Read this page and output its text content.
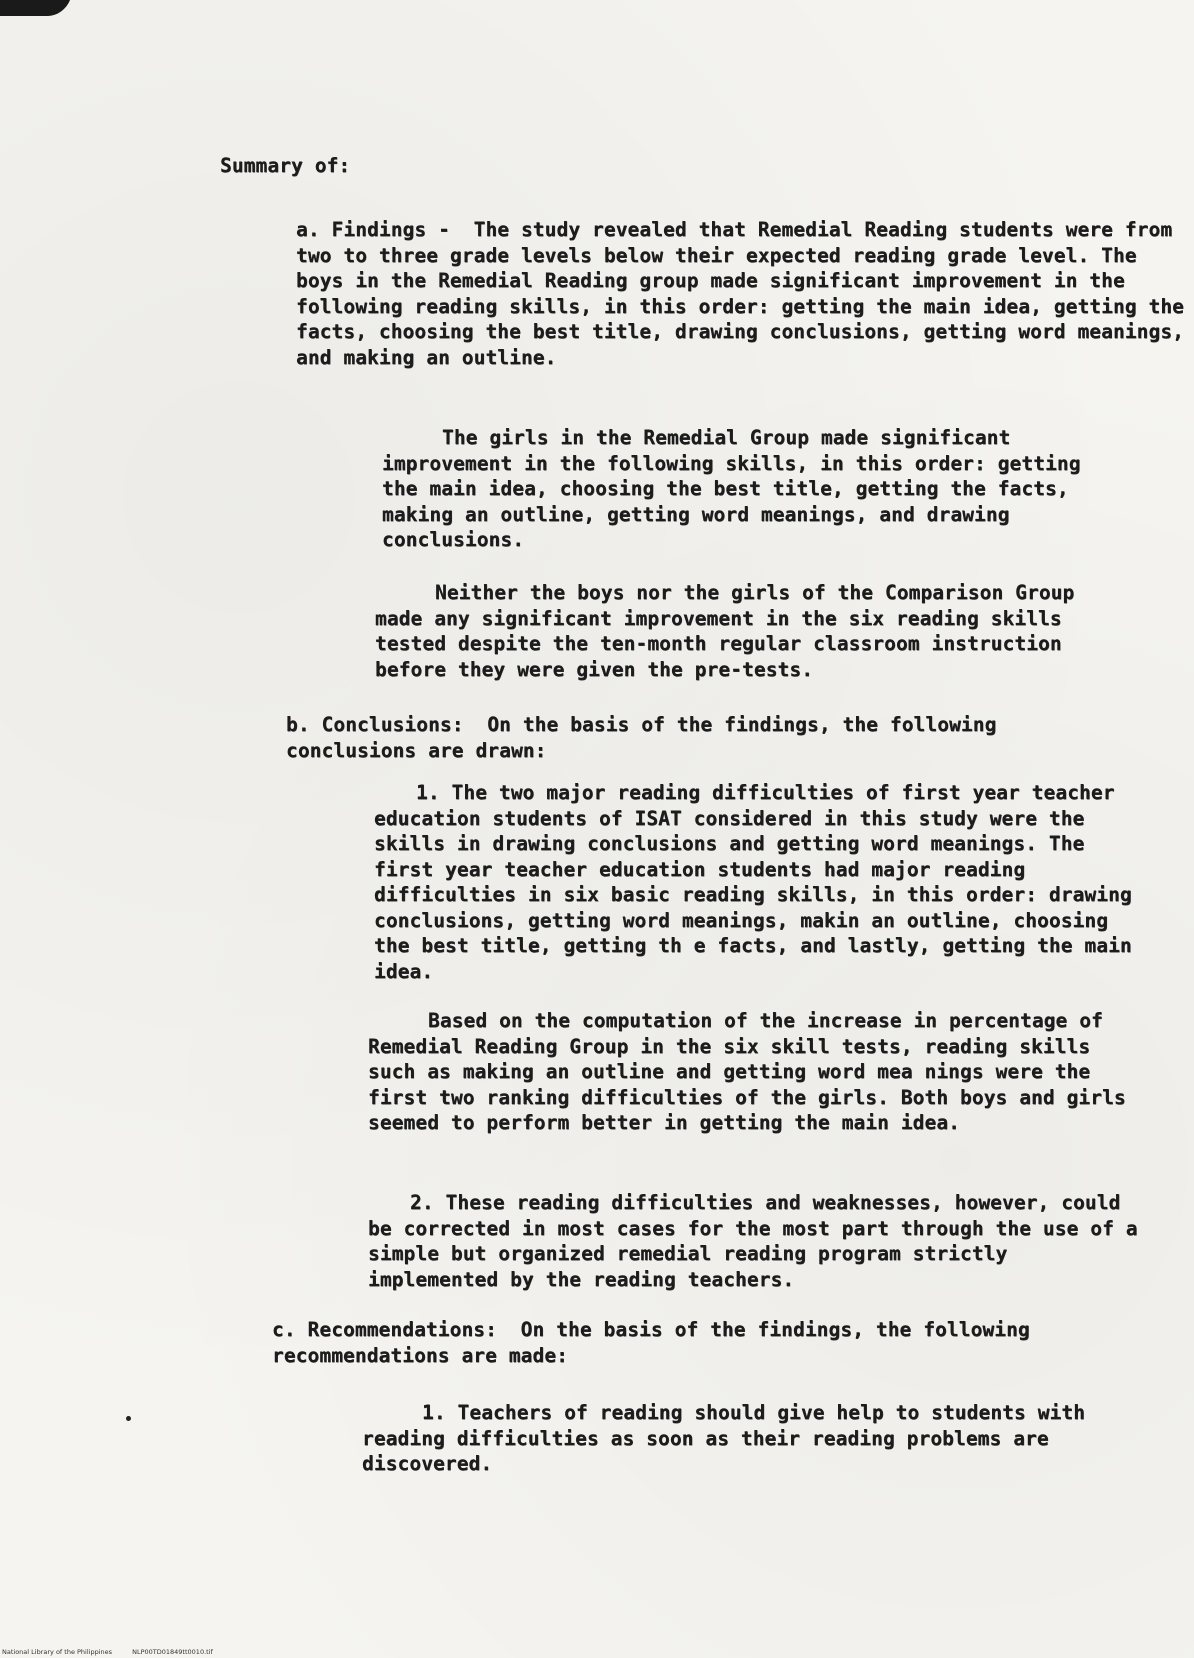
Summary of:

a. Findings - The study revealed that Remedial Reading students were from two to three grade levels below their expected reading grade level. The boys in the Remedial Reading group made significant improvement in the following reading skills, in this order: getting the main idea, getting the facts, choosing the best title, drawing conclusions, getting word meanings, and making an outline.

The girls in the Remedial Group made significant improvement in the following skills, in this order: getting the main idea, choosing the best title, getting the facts, making an outline, getting word meanings, and drawing conclusions.

Neither the boys nor the girls of the Comparison Group made any significant improvement in the six reading skills tested despite the ten-month regular classroom instruction before they were given the pre-tests.

b. Conclusions: On the basis of the findings, the following conclusions are drawn:

1. The two major reading difficulties of first year teacher education students of ISAT considered in this study were the skills in drawing conclusions and getting word meanings. The first year teacher education students had major reading difficulties in six basic reading skills, in this order: drawing conclusions, getting word meanings, makin an outline, choosing the best title, getting th e facts, and lastly, getting the main idea.

Based on the computation of the increase in percentage of Remedial Reading Group in the six skill tests, reading skills such as making an outline and getting word mea nings were the first two ranking difficulties of the girls. Both boys and girls seemed to perform better in getting the main idea.

2. These reading difficulties and weaknesses, however, could be corrected in most cases for the most part through the use of a simple but organized remedial reading program strictly implemented by the reading teachers.

c. Recommendations: On the basis of the findings, the following recommendations are made:

1. Teachers of reading should give help to students with reading difficulties as soon as their reading problems are discovered.

National Library of the Philippines	NLP00TD01849tt0010.tif
